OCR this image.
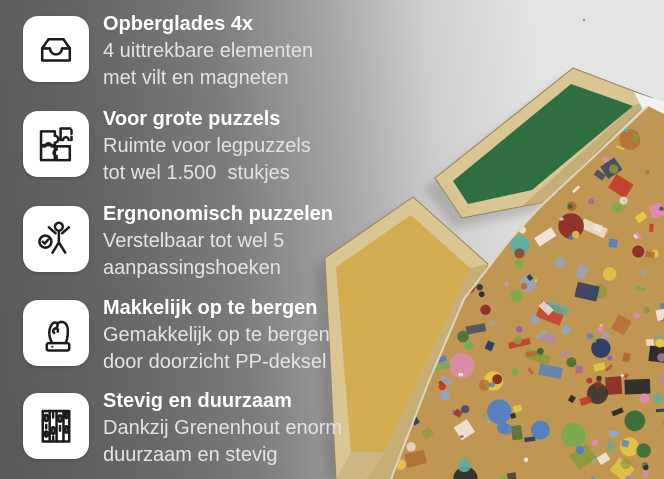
Opberglades 4x
4 uittrekbare elementen
met vilt en magneten
Voor grote puzzels
Ruimte voor legpuzzels
tot wel 1.500  stukjes
Ergnonomisch puzzelen
Verstelbaar tot wel 5
aanpassingshoeken
Makkelijk op te bergen
Gemakkelijk op te bergen
door doorzicht PP-deksel
Stevig en duurzaam
Dankzij Grenenhout enorm
duurzaam en stevig
